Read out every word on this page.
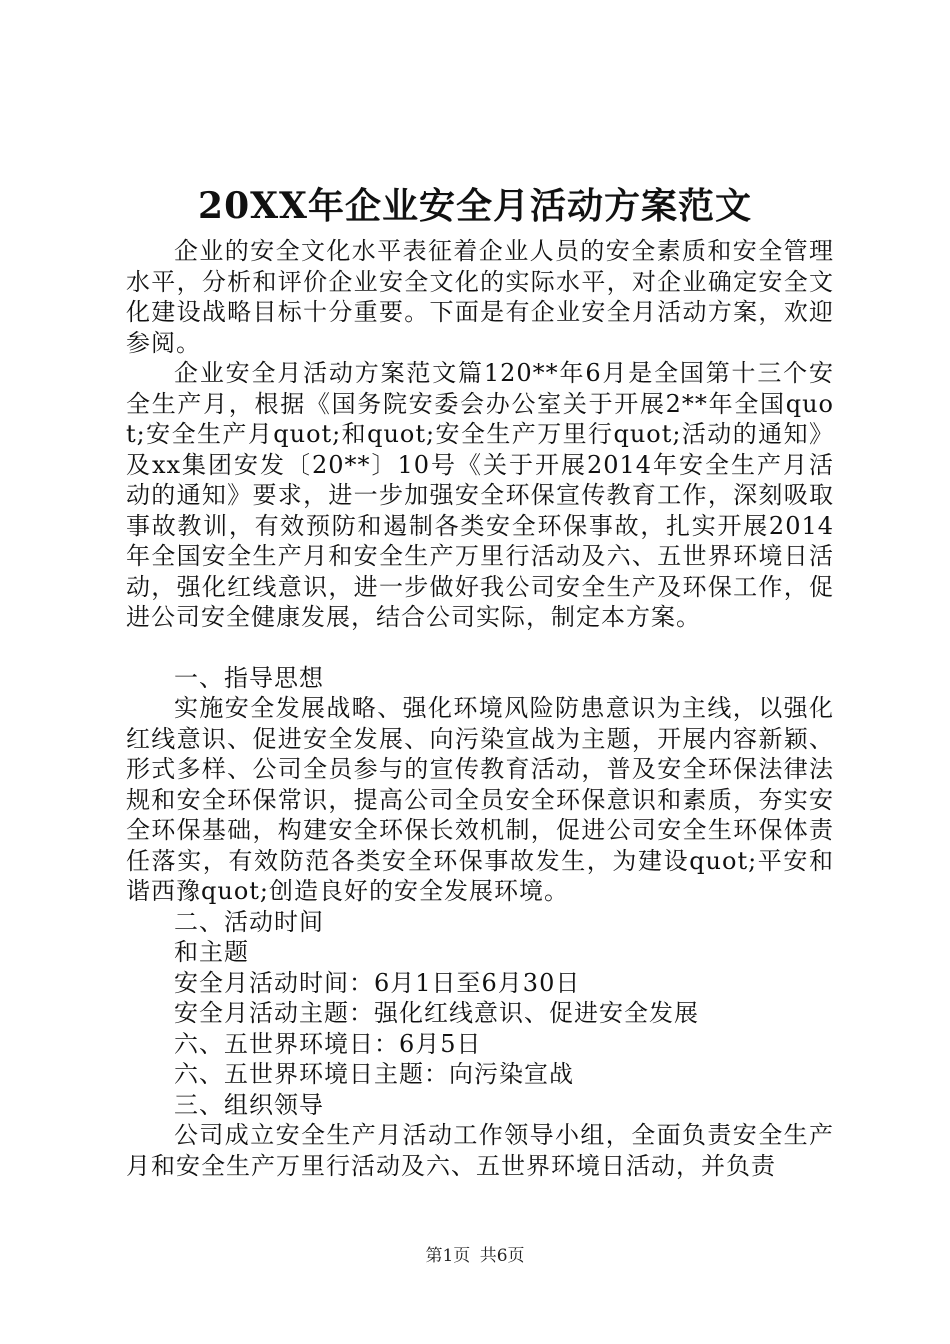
20XX年企业安全月活动方案范文

企业的安全文化水平表征着企业人员的安全素质和安全管理水平，分析和评价企业安全文化的实际水平，对企业确定安全文化建设战略目标十分重要。下面是有企业安全月活动方案，欢迎参阅。

企业安全月活动方案范文篇120**年6月是全国第十三个安全生产月，根据《国务院安委会办公室关于开展2**年全国quot;安全生产月quot;和quot;安全生产万里行quot;活动的通知》及xx集团安发〔20**〕10号《关于开展2014年安全生产月活动的通知》要求，进一步加强安全环保宣传教育工作，深刻吸取事故教训，有效预防和遏制各类安全环保事故，扎实开展2014年全国安全生产月和安全生产万里行活动及六、五世界环境日活动，强化红线意识，进一步做好我公司安全生产及环保工作，促进公司安全健康发展，结合公司实际，制定本方案。

一、指导思想

实施安全发展战略、强化环境风险防患意识为主线，以强化红线意识、促进安全发展、向污染宣战为主题，开展内容新颖、形式多样、公司全员参与的宣传教育活动，普及安全环保法律法规和安全环保常识，提高公司全员安全环保意识和素质，夯实安全环保基础，构建安全环保长效机制，促进公司安全生环保体责任落实，有效防范各类安全环保事故发生，为建设quot;平安和谐西豫quot;创造良好的安全发展环境。

二、活动时间

和主题

安全月活动时间：6月1日至6月30日

安全月活动主题：强化红线意识、促进安全发展

六、五世界环境日：6月5日

六、五世界环境日主题：向污染宣战

三、组织领导

公司成立安全生产月活动工作领导小组，全面负责安全生产月和安全生产万里行活动及六、五世界环境日活动，并负责

第1页 共6页
